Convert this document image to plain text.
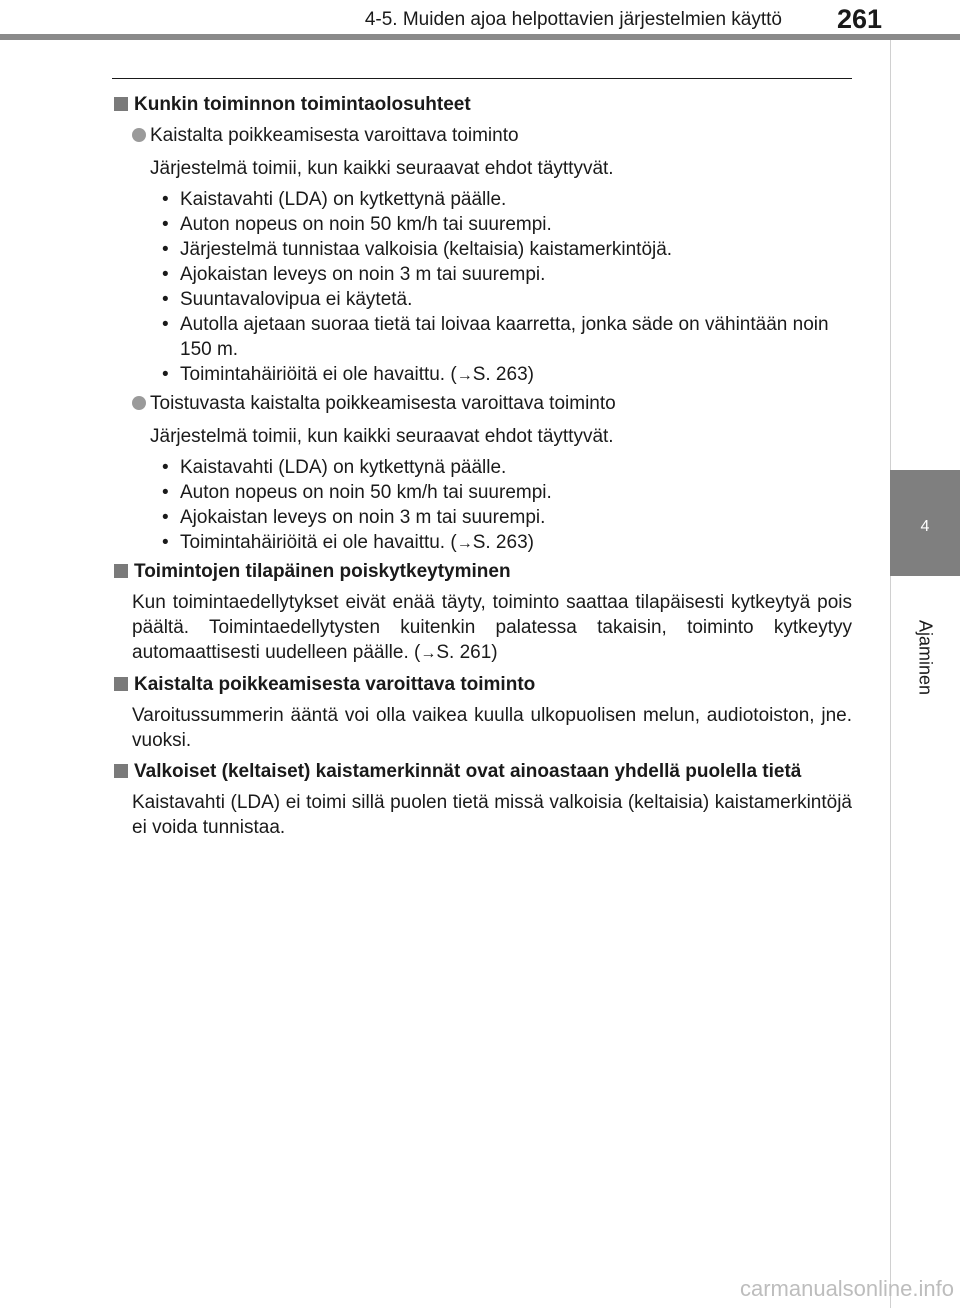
4-5. Muiden ajoa helpottavien järjestelmien käyttö 261
4
Ajaminen
Kunkin toiminnon toimintaolosuhteet
Kaistalta poikkeamisesta varoittava toiminto
Järjestelmä toimii, kun kaikki seuraavat ehdot täyttyvät.
• Kaistavahti (LDA) on kytkettynä päälle.
• Auton nopeus on noin 50 km/h tai suurempi.
• Järjestelmä tunnistaa valkoisia (keltaisia) kaistamerkintöjä.
• Ajokaistan leveys on noin 3 m tai suurempi.
• Suuntavalovipua ei käytetä.
• Autolla ajetaan suoraa tietä tai loivaa kaarretta, jonka säde on vähintään noin 150 m.
• Toimintahäiriöitä ei ole havaittu. (→S. 263)
Toistuvasta kaistalta poikkeamisesta varoittava toiminto
Järjestelmä toimii, kun kaikki seuraavat ehdot täyttyvät.
• Kaistavahti (LDA) on kytkettynä päälle.
• Auton nopeus on noin 50 km/h tai suurempi.
• Ajokaistan leveys on noin 3 m tai suurempi.
• Toimintahäiriöitä ei ole havaittu. (→S. 263)
Toimintojen tilapäinen poiskytkeytyminen
Kun toimintaedellytykset eivät enää täyty, toiminto saattaa tilapäisesti kytkeytyä pois päältä. Toimintaedellytysten kuitenkin palatessa takaisin, toiminto kytkeytyy automaattisesti uudelleen päälle. (→S. 261)
Kaistalta poikkeamisesta varoittava toiminto
Varoitussummerin ääntä voi olla vaikea kuulla ulkopuolisen melun, audiotoiston, jne. vuoksi.
Valkoiset (keltaiset) kaistamerkinnät ovat ainoastaan yhdellä puolella tietä
Kaistavahti (LDA) ei toimi sillä puolen tietä missä valkoisia (keltaisia) kaistamerkintöjä ei voida tunnistaa.
carmanualsonline.info
